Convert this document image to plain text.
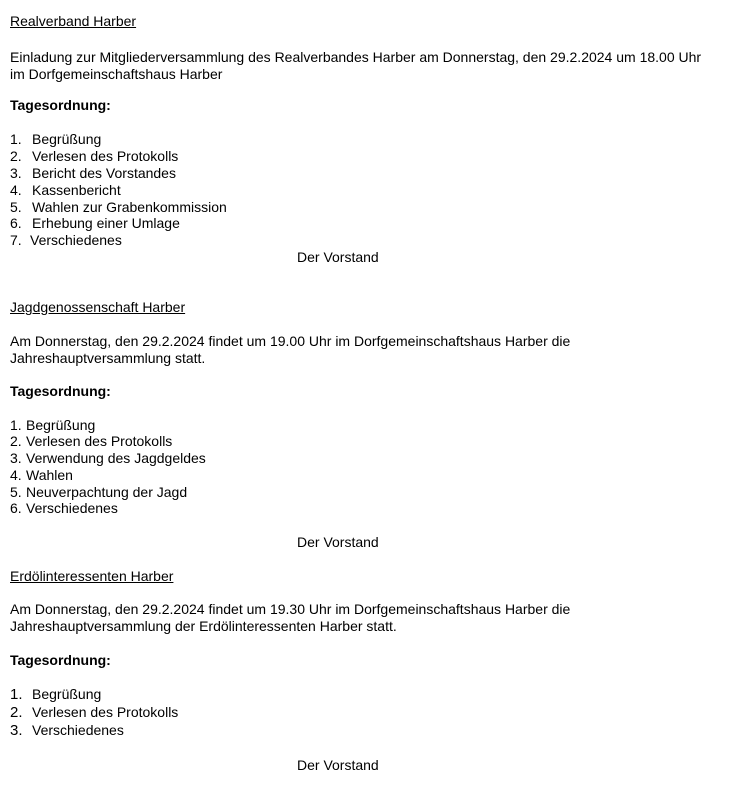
Realverband Harber
Einladung zur Mitgliederversammlung des Realverbandes Harber am Donnerstag, den 29.2.2024 um 18.00 Uhr
im Dorfgemeinschaftshaus Harber
Tagesordnung:
1. Begrüßung
2. Verlesen des Protokolls
3. Bericht des Vorstandes
4. Kassenbericht
5. Wahlen zur Grabenkommission
6. Erhebung einer Umlage
7. Verschiedenes
Der Vorstand
Jagdgenossenschaft Harber
Am Donnerstag, den 29.2.2024 findet um 19.00 Uhr im Dorfgemeinschaftshaus Harber die
Jahreshauptversammlung statt.
Tagesordnung:
1. Begrüßung
2. Verlesen des Protokolls
3. Verwendung des Jagdgeldes
4. Wahlen
5. Neuverpachtung der Jagd
6. Verschiedenes
Der Vorstand
Erdölinteressenten Harber
Am Donnerstag, den 29.2.2024 findet um 19.30 Uhr im Dorfgemeinschaftshaus Harber die
Jahreshauptversammlung der Erdölinteressenten Harber statt.
Tagesordnung:
1. Begrüßung
2. Verlesen des Protokolls
3. Verschiedenes
Der Vorstand
